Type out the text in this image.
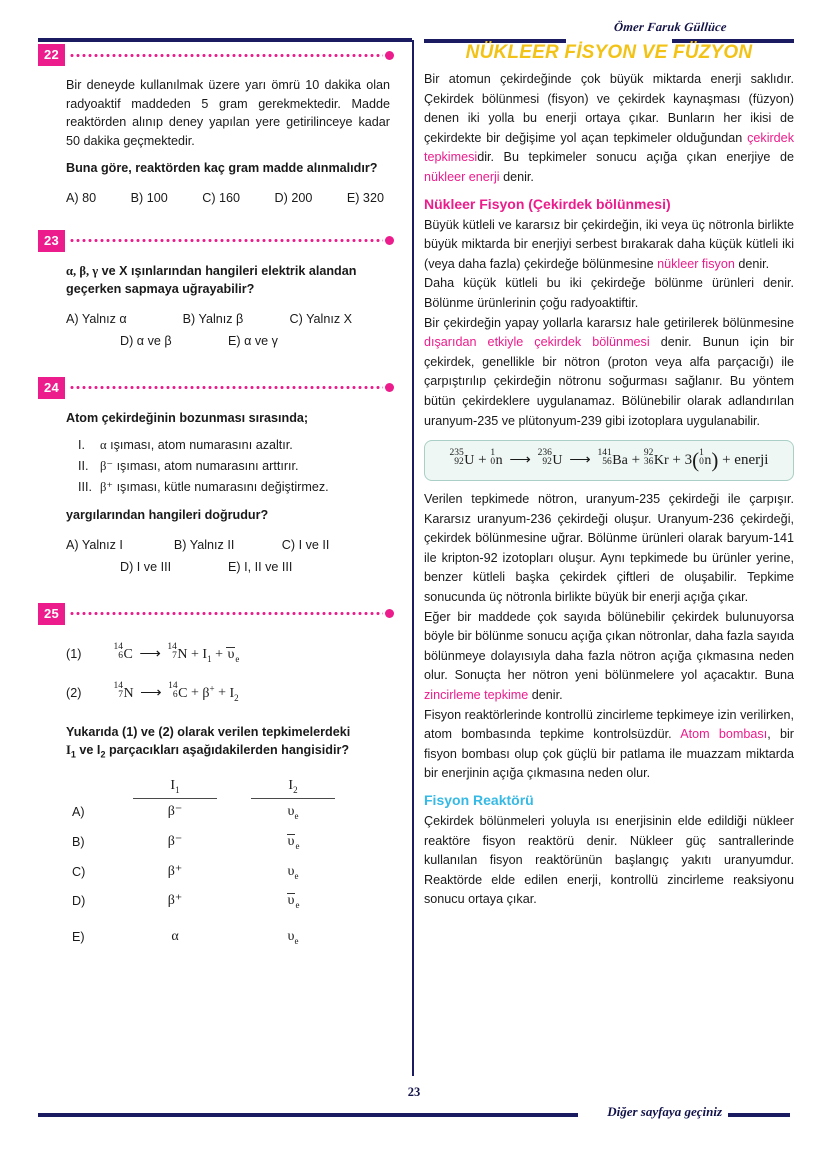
22

Bir deneyde kullanılmak üzere yarı ömrü 10 dakika olan radyoaktif maddeden 5 gram gerekmektedir. Madde reaktörden alınıp deney yapılan yere getirilinceye kadar 50 dakika geçmektedir.

Buna göre, reaktörden kaç gram madde alınmalıdır?

A) 80	B) 100	C) 160	D) 200	E) 320
23

α, β, γ ve X ışınlarından hangileri elektrik alandan geçerken sapmaya uğrayabilir?

A) Yalnız α	B) Yalnız β	C) Yalnız X
D) α ve β	E) α ve γ
24

Atom çekirdeğinin bozunması sırasında;

I. α ışıması, atom numarasını azaltır.
II. β⁻ ışıması, atom numarasını arttırır.
III. β⁺ ışıması, kütle numarasını değiştirmez.

yargılarından hangileri doğrudur?

A) Yalnız I	B) Yalnız II	C) I ve II
D) I ve III	E) I, II ve III
25
(1)	14
6 C ⟶ 14
7 $N + I_1 + \upsilon_e$
(2)	14
7 N ⟶ 14
6 $C + \beta^+ + I_2$

Yukarıda (1) ve (2) olarak verilen tepkimelerdeki
$I_1$ ve $I_2$ parçacıkları aşağıdakilerden hangisidir?

$I_1$	$I_2$
A)	β⁻	$\upsilon_e$
B)	β⁻	$\upsilon_e$
C)	β⁺	$\upsilon_e$
D)	β⁺	$\upsilon_e$
E)	α	$\upsilon_e$
Ömer Faruk Güllüce
NÜKLEER FİSYON VE FÜZYON

Bir atomun çekirdeğinde çok büyük miktarda enerji saklıdır. Çekirdek bölünmesi (fisyon) ve çekirdek kaynaşması (füzyon) denen iki yolla bu enerji ortaya çıkar. Bunların her ikisi de çekirdekte bir değişime yol açan tepkimeler olduğundan çekirdek tepkimesidir. Bu tepkimeler sonucu açığa çıkan enerjiye de nükleer enerji denir.

Nükleer Fisyon (Çekirdek bölünmesi)

Büyük kütleli ve kararsız bir çekirdeğin, iki veya üç nötronla birlikte büyük miktarda bir enerjiyi serbest bırakarak daha küçük kütleli iki (veya daha fazla) çekirdeğe bölünmesine nükleer fisyon denir.

Daha küçük kütleli bu iki çekirdeğe bölünme ürünleri denir. Bölünme ürünlerinin çoğu radyoaktiftir.

Bir çekirdeğin yapay yollarla kararsız hale getirilerek bölünmesine dışarıdan etkiyle çekirdek bölünmesi denir. Bunun için bir çekirdek, genellikle bir nötron (proton veya alfa parçacığı) ile çarpıştırılıp çekirdeğin nötronu soğurması sağlanır. Bu yöntem bütün çekirdeklere uygulanamaz. Bölünebilir olarak adlandırılan uranyum-235 ve plütonyum-239 gibi izotoplara uygulanabilir.

235
92 U + 1
0 n ⟶ 236
92 U ⟶ 141
56 Ba + 92
36 Kr + 3( 1
0 n) + enerji

Verilen tepkimede nötron, uranyum-235 çekirdeği ile çarpışır. Kararsız uranyum-236 çekirdeği oluşur. Uranyum-236 çekirdeği, çekirdek bölünmesine uğrar. Bölünme ürünleri olarak baryum-141 ile kripton-92 izotopları oluşur. Aynı tepkimede bu ürünler yerine, benzer kütleli başka çekirdek çiftleri de oluşabilir. Tepkime sonucunda üç nötronla birlikte büyük bir enerji açığa çıkar.

Eğer bir maddede çok sayıda bölünebilir çekirdek bulunuyorsa böyle bir bölünme sonucu açığa çıkan nötronlar, daha fazla sayıda bölünmeye dolayısıyla daha fazla nötron açığa çıkmasına neden olur. Sonuçta her nötron yeni bölünmelere yol açacaktır. Buna zincirleme tepkime denir.

Fisyon reaktörlerinde kontrollü zincirleme tepkimeye izin verilirken, atom bombasında tepkime kontrolsüzdür. Atom bombası, bir fisyon bombası olup çok güçlü bir patlama ile muazzam miktarda bir enerjinin açığa çıkmasına neden olur.

Fisyon Reaktörü

Çekirdek bölünmeleri yoluyla ısı enerjisinin elde edildiği nükleer reaktöre fisyon reaktörü denir. Nükleer güç santrallerinde kullanılan fisyon reaktörünün başlangıç yakıtı uranyumdur. Reaktörde elde edilen enerji, kontrollü zincirleme reaksiyonu sonucu ortaya çıkar.

23
Diğer sayfaya geçiniz
